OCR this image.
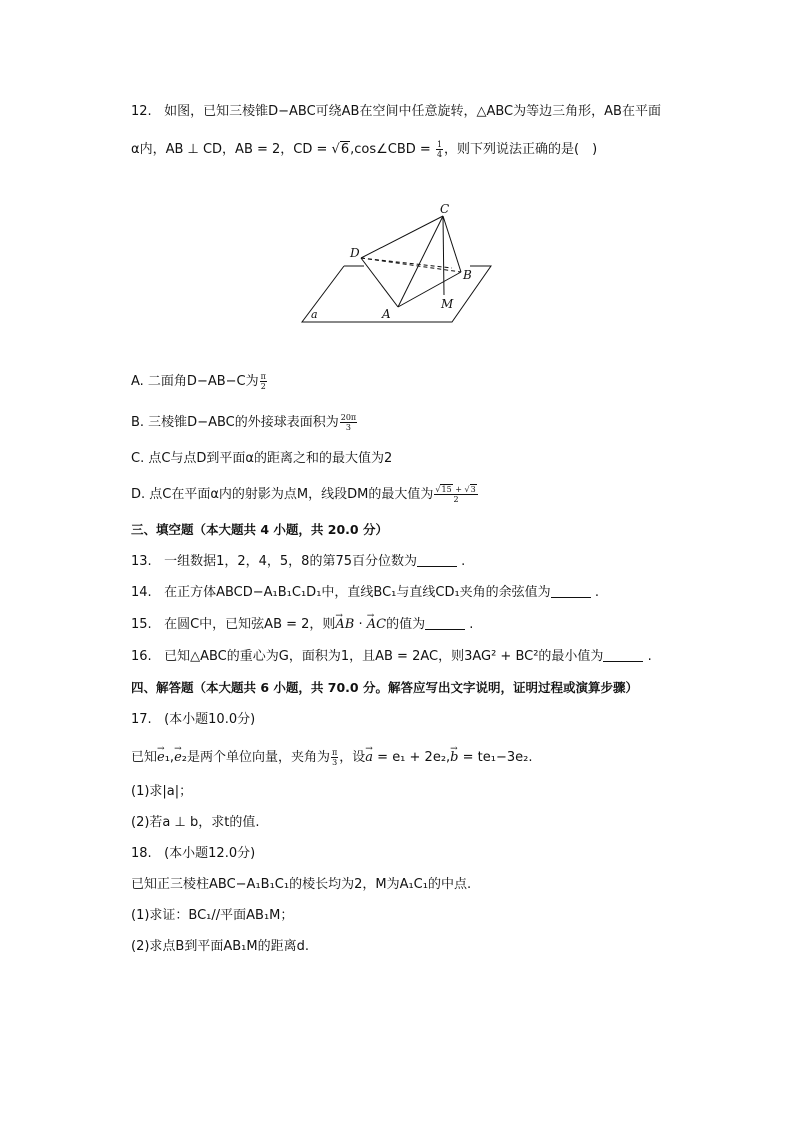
12. 如图，已知三棱锥D−ABC可绕AB在空间中任意旋转，△ABC为等边三角形，AB在平面
α内，AB ⊥ CD，AB = 2，CD = √6,cos∠CBD = $\frac{1}{4}$ ，则下列说法正确的是(　)
C
D
B
M
A
a
A. 二面角D−AB−C为 $\frac{\pi}{2}$
B. 三棱锥D−ABC的外接球表面积为 $\frac{20\pi}{3}$
C. 点C与点D到平面α的距离之和的最大值为2
D. 点C在平面α内的射影为点M，线段DM的最大值为 $\frac{√15 + √3}{2}$
三、填空题（本大题共 4 小题，共 20.0 分）
13. 一组数据1，2，4，5，8的第75百分位数为	.
14. 在正方体ABCD−A₁B₁C₁D₁中，直线BC₁与直线CD₁夹角的余弦值为	.
15. 在圆C中，已知弦AB = 2，则→ AB · → AC的值为	.
16. 已知△ABC的重心为G，面积为1，且AB = 2AC，则3AG² + BC²的最小值为	.
四、解答题（本大题共 6 小题，共 70.0 分。解答应写出文字说明，证明过程或演算步骤）
17. (本小题10.0分)
已知→ e₁,→ e₂是两个单位向量，夹角为 $\frac{\pi}{3}$ ，设→ a = e₁ + 2e₂,→ b = te₁−3e₂.
(1)求|a|；
(2)若a ⊥ b，求t的值.
18. (本小题12.0分)
已知正三棱柱ABC−A₁B₁C₁的棱长均为2，M为A₁C₁的中点.
(1)求证：BC₁//平面AB₁M；
(2)求点B到平面AB₁M的距离d.
